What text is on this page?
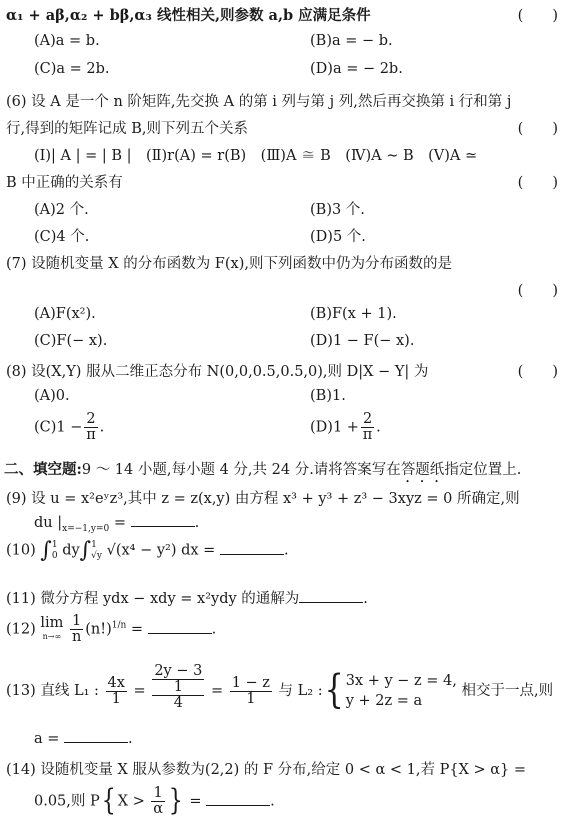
α₁ + aβ,α₂ + bβ,α₃ 线性相关,则参数 a,b 应满足条件	(　　)
(A)a = b.	(B)a = − b.
(C)a = 2b.	(D)a = − 2b.
(6) 设 A 是一个 n 阶矩阵,先交换 A 的第 i 列与第 j 列,然后再交换第 i 行和第 j
行,得到的矩阵记成 B,则下列五个关系	(　　)
(Ⅰ)| A | = | B |　(Ⅱ)r(A) = r(B)　(Ⅲ)A ≅ B　(Ⅳ)A ∼ B　(Ⅴ)A ≃
B 中正确的关系有	(　　)
(A)2 个.	(B)3 个.
(C)4 个.	(D)5 个.
(7) 设随机变量 X 的分布函数为 F(x),则下列函数中仍为分布函数的是
(　　)
(A)F(x²).	(B)F(x + 1).
(C)F(− x).	(D)1 − F(− x).
(8) 设(X,Y) 服从二维正态分布 N(0,0,0.5,0.5,0),则 D|X − Y| 为	(　　)
(A)0.	(B)1.
$(C)1 - \frac{2}{\pi}$ .	$(D)1 + \frac{2}{\pi}$ .
二、填空题:9 ～ 14 小题,每小题 4 分,共 24 分.请将答案写在答题纸指定位置上.
(9) 设 u = x²eʸz³,其中 z = z(x,y) 由方程 x³ + y³ + z³ − 3xyz = 0 所确定,则
du $|_{x=-1,y=0}$ =	.
(10) ∫ 1
0 dy∫ 1
√y √(x⁴ − y²) dx =	.
(11) 微分方程 ydx − xdy = x²ydy 的通解为	.
(12) lim
n→∞
$\frac{1}{n} (n!)^{1/n}$ =	.
(13) 直线 L₁ : $\frac{4x}{1} = 2y - 3$
1
$4 = \frac{1 - z}{1}$ 与 L₂ :{ 3x + y − z = 4,
y + 2z = a
相交于一点,则
a =	.
(14) 设随机变量 X 服从参数为(2,2) 的 F 分布,给定 0 < α < 1,若 P{X > α} =
0.05,则 P{ $X > \frac{1}{\alpha}$ } =	.
